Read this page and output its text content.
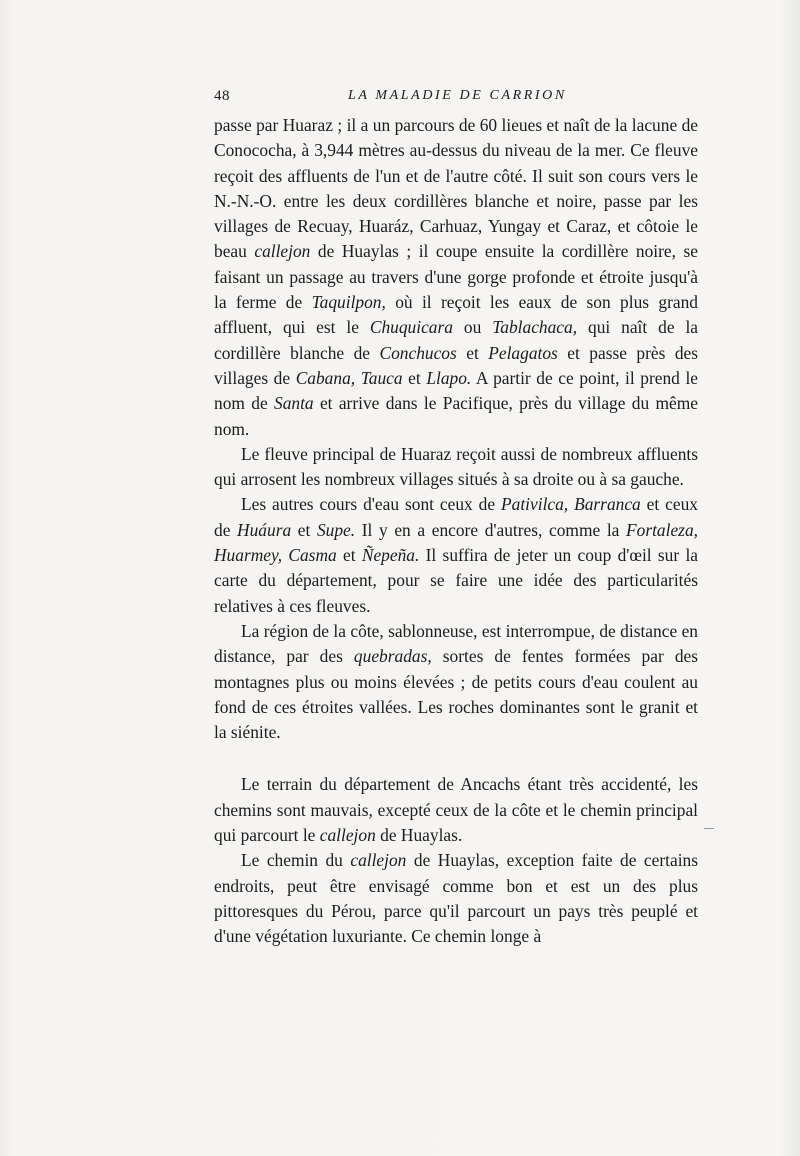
48	LA MALADIE DE CARRION

passe par Huaraz ; il a un parcours de 60 lieues et naît de la lacune de Conococha, à 3,944 mètres au-dessus du niveau de la mer. Ce fleuve reçoit des affluents de l'un et de l'autre côté. Il suit son cours vers le N.-N.-O. entre les deux cordillères blanche et noire, passe par les villages de Recuay, Huaráz, Carhuaz, Yungay et Caraz, et côtoie le beau callejon de Huaylas ; il coupe ensuite la cordillère noire, se faisant un passage au travers d'une gorge profonde et étroite jusqu'à la ferme de Taquilpon, où il reçoit les eaux de son plus grand affluent, qui est le Chuquicara ou Tablachaca, qui naît de la cordillère blanche de Conchucos et Pelagatos et passe près des villages de Cabana, Tauca et Llapo. A partir de ce point, il prend le nom de Santa et arrive dans le Pacifique, près du village du même nom.

Le fleuve principal de Huaraz reçoit aussi de nombreux affluents qui arrosent les nombreux villages situés à sa droite ou à sa gauche.

Les autres cours d'eau sont ceux de Pativilca, Barranca et ceux de Huáura et Supe. Il y en a encore d'autres, comme la Fortaleza, Huarmey, Casma et Ñepeña. Il suffira de jeter un coup d'œil sur la carte du département, pour se faire une idée des particularités relatives à ces fleuves.

La région de la côte, sablonneuse, est interrompue, de distance en distance, par des quebradas, sortes de fentes formées par des montagnes plus ou moins élevées ; de petits cours d'eau coulent au fond de ces étroites vallées. Les roches dominantes sont le granit et la siénite.

Le terrain du département de Ancachs étant très accidenté, les chemins sont mauvais, excepté ceux de la côte et le chemin principal qui parcourt le callejon de Huaylas.

Le chemin du callejon de Huaylas, exception faite de certains endroits, peut être envisagé comme bon et est un des plus pittoresques du Pérou, parce qu'il parcourt un pays très peuplé et d'une végétation luxuriante. Ce chemin longe à
